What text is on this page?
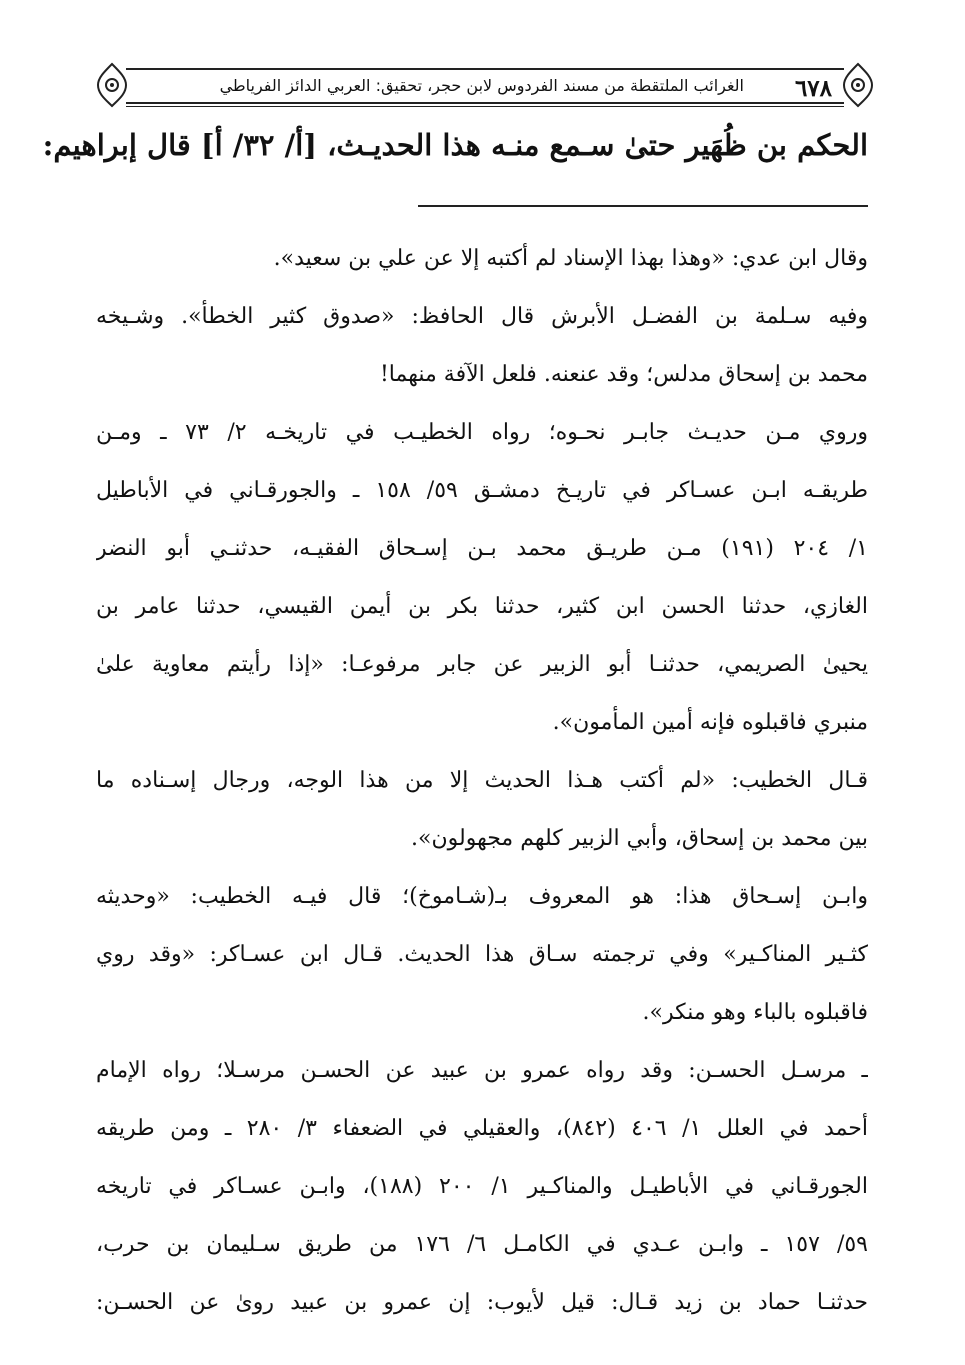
٦٧٨
الغرائب الملتقطة من مسند الفردوس لابن حجر، تحقيق: العربي الدائز الفرياطي
الحكم بن ظُهَير حتىٰ سـمع منـه هذا الحديـث، [أ/ ٣٢/ أ] قال إبراهيم:
وقال ابن عدي: «وهذا بهذا الإسناد لم أكتبه إلا عن علي بن سعيد».
وفيه سـلمة بن الفضـل الأبرش قال الحافظ: «صدوق كثير الخطأ». وشـيخه
محمد بن إسحاق مدلس؛ وقد عنعنه. فلعل الآفة منهما!
وروي مـن حديـث جابـر نحـوه؛ رواه الخطيـب في تاريخـه ٢/ ٧٣ ـ ومـن
طريقـه ابـن عسـاكر في تاريـخ دمشـق ٥٩/ ١٥٨ ـ والجورقـاني في الأباطيل
١/ ٢٠٤ (١٩١) مـن طريـق محمد بـن إسـحاق الفقيـه، حدثنـي أبو النضر
الغازي، حدثنا الحسن ابن كثير، حدثنا بكر بن أيمن القيسي، حدثنا عامر بن
يحيىٰ الصريمي، حدثنـا أبو الزبير عن جابر مرفوعـا: «إذا رأيتم معاوية علىٰ
منبري فاقبلوه فإنه أمين المأمون».
قـال الخطيب: «لم أكتب هـذا الحديث إلا من هذا الوجه، ورجال إسـناده ما
بين محمد بن إسحاق، وأبي الزبير كلهم مجهولون».
وابـن إسـحاق هذا: هو المعروف بـ(شـاموخ)؛ قال فيـه الخطيب: «وحديثه
كثـير المناكـير» وفي ترجمته سـاق هذا الحديث. قـال ابن عسـاكر: «وقد روي
فاقبلوه بالباء وهو منكر».
ـ مرسـل الحسـن: وقد رواه عمرو بن عبيد عن الحسـن مرسـلا؛ رواه الإمام
أحمد في العلل ١/ ٤٠٦ (٨٤٢)، والعقيلي في الضعفاء ٣/ ٢٨٠ ـ ومن طريقه
الجورقـاني في الأباطيـل والمناكـير ١/ ٢٠٠ (١٨٨)، وابـن عسـاكر في تاريخه
٥٩/ ١٥٧ ـ وابـن عـدي في الكامـل ٦/ ١٧٦ من طريق سـليمان بن حرب،
حدثنـا حماد بن زيد قـال: قيل لأيوب: إن عمرو بن عبيد روىٰ عن الحسـن:
